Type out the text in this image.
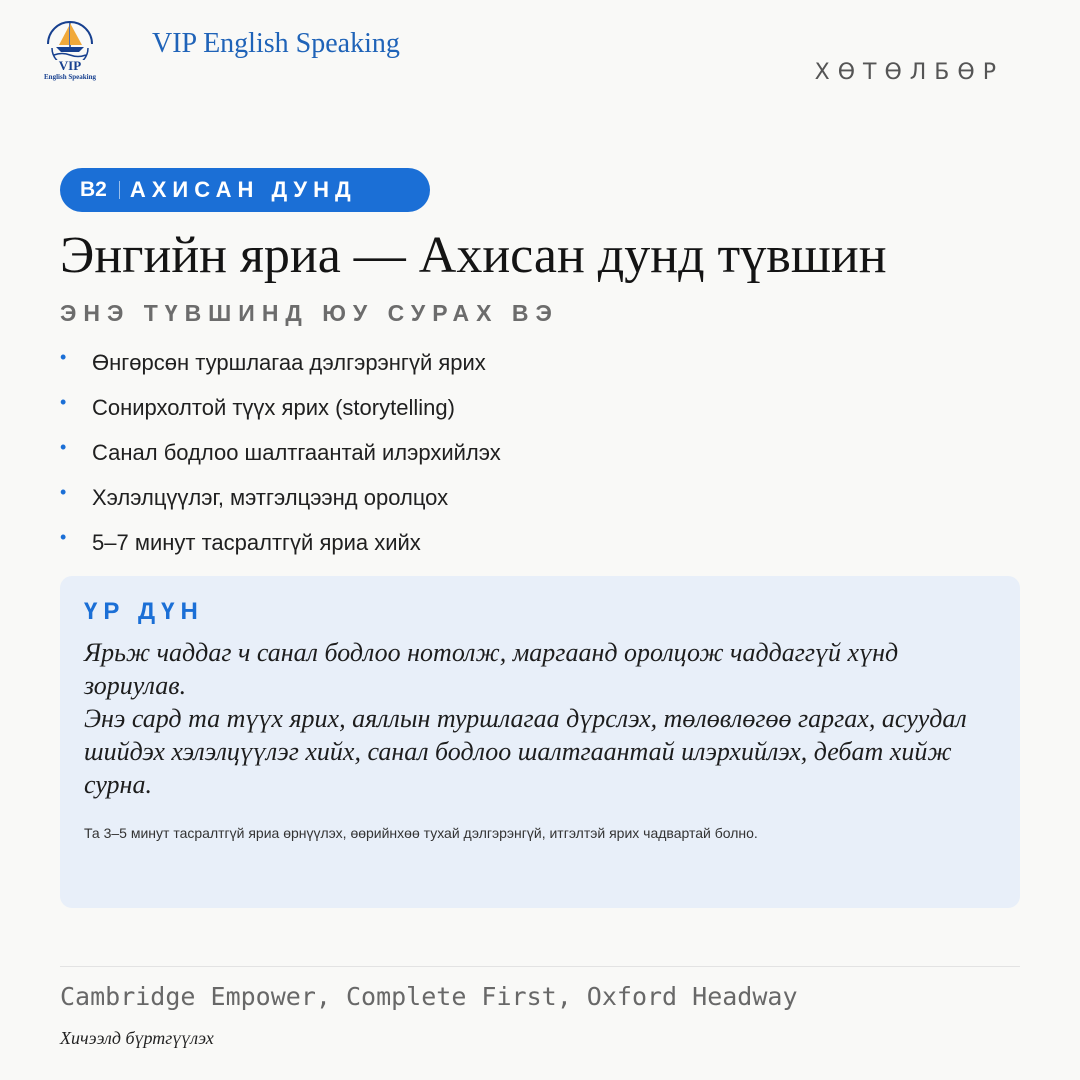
VIP
English Speaking
VIP English Speaking
ХӨТӨЛБӨР
B2 АХИСАН ДУНД
Энгийн яриа — Ахисан дунд түвшин
ЭНЭ ТҮВШИНД ЮУ СУРАХ ВЭ
• Өнгөрсөн туршлагаа дэлгэрэнгүй ярих
• Сонирхолтой түүх ярих (storytelling)
• Санал бодлоо шалтгаантай илэрхийлэх
• Хэлэлцүүлэг, мэтгэлцээнд оролцох
• 5–7 минут тасралтгүй яриа хийх
ҮР ДҮН

Ярьж чаддаг ч санал бодлоо нотолж, маргаанд оролцож чаддаггүй хүнд зориулав.

Энэ сард та түүх ярих, аяллын туршлагаа дүрслэх, төлөвлөгөө гаргах, асуудал шийдэх хэлэлцүүлэг хийх, санал бодлоо шалтгаантай илэрхийлэх, дебат хийж сурна.

Та 3–5 минут тасралтгүй яриа өрнүүлэх, өөрийнхөө тухай дэлгэрэнгүй, итгэлтэй ярих чадвартай болно.
Cambridge Empower, Complete First, Oxford Headway
Хичээлд бүртгүүлэх
